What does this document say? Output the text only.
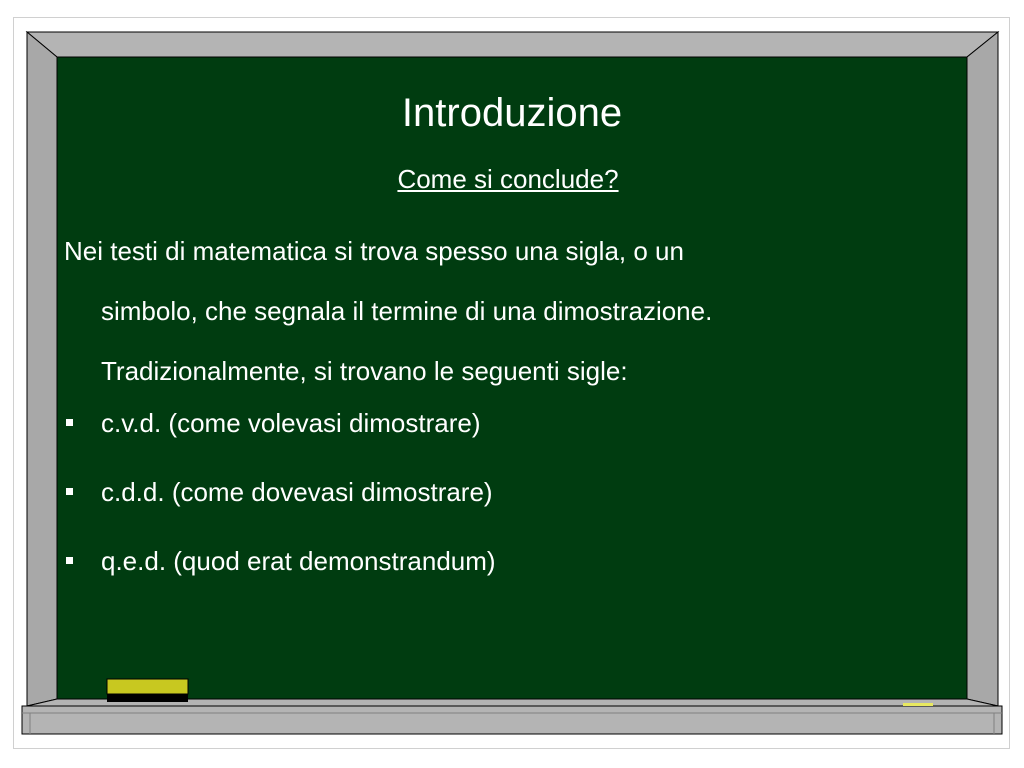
Introduzione
Come si conclude?

Nei testi di matematica si trova spesso una sigla, o un
simbolo, che segnala il termine di una dimostrazione.
Tradizionalmente, si trovano le seguenti sigle:

c.v.d. (come volevasi dimostrare)
c.d.d. (come dovevasi dimostrare)
q.e.d. (quod erat demonstrandum)
